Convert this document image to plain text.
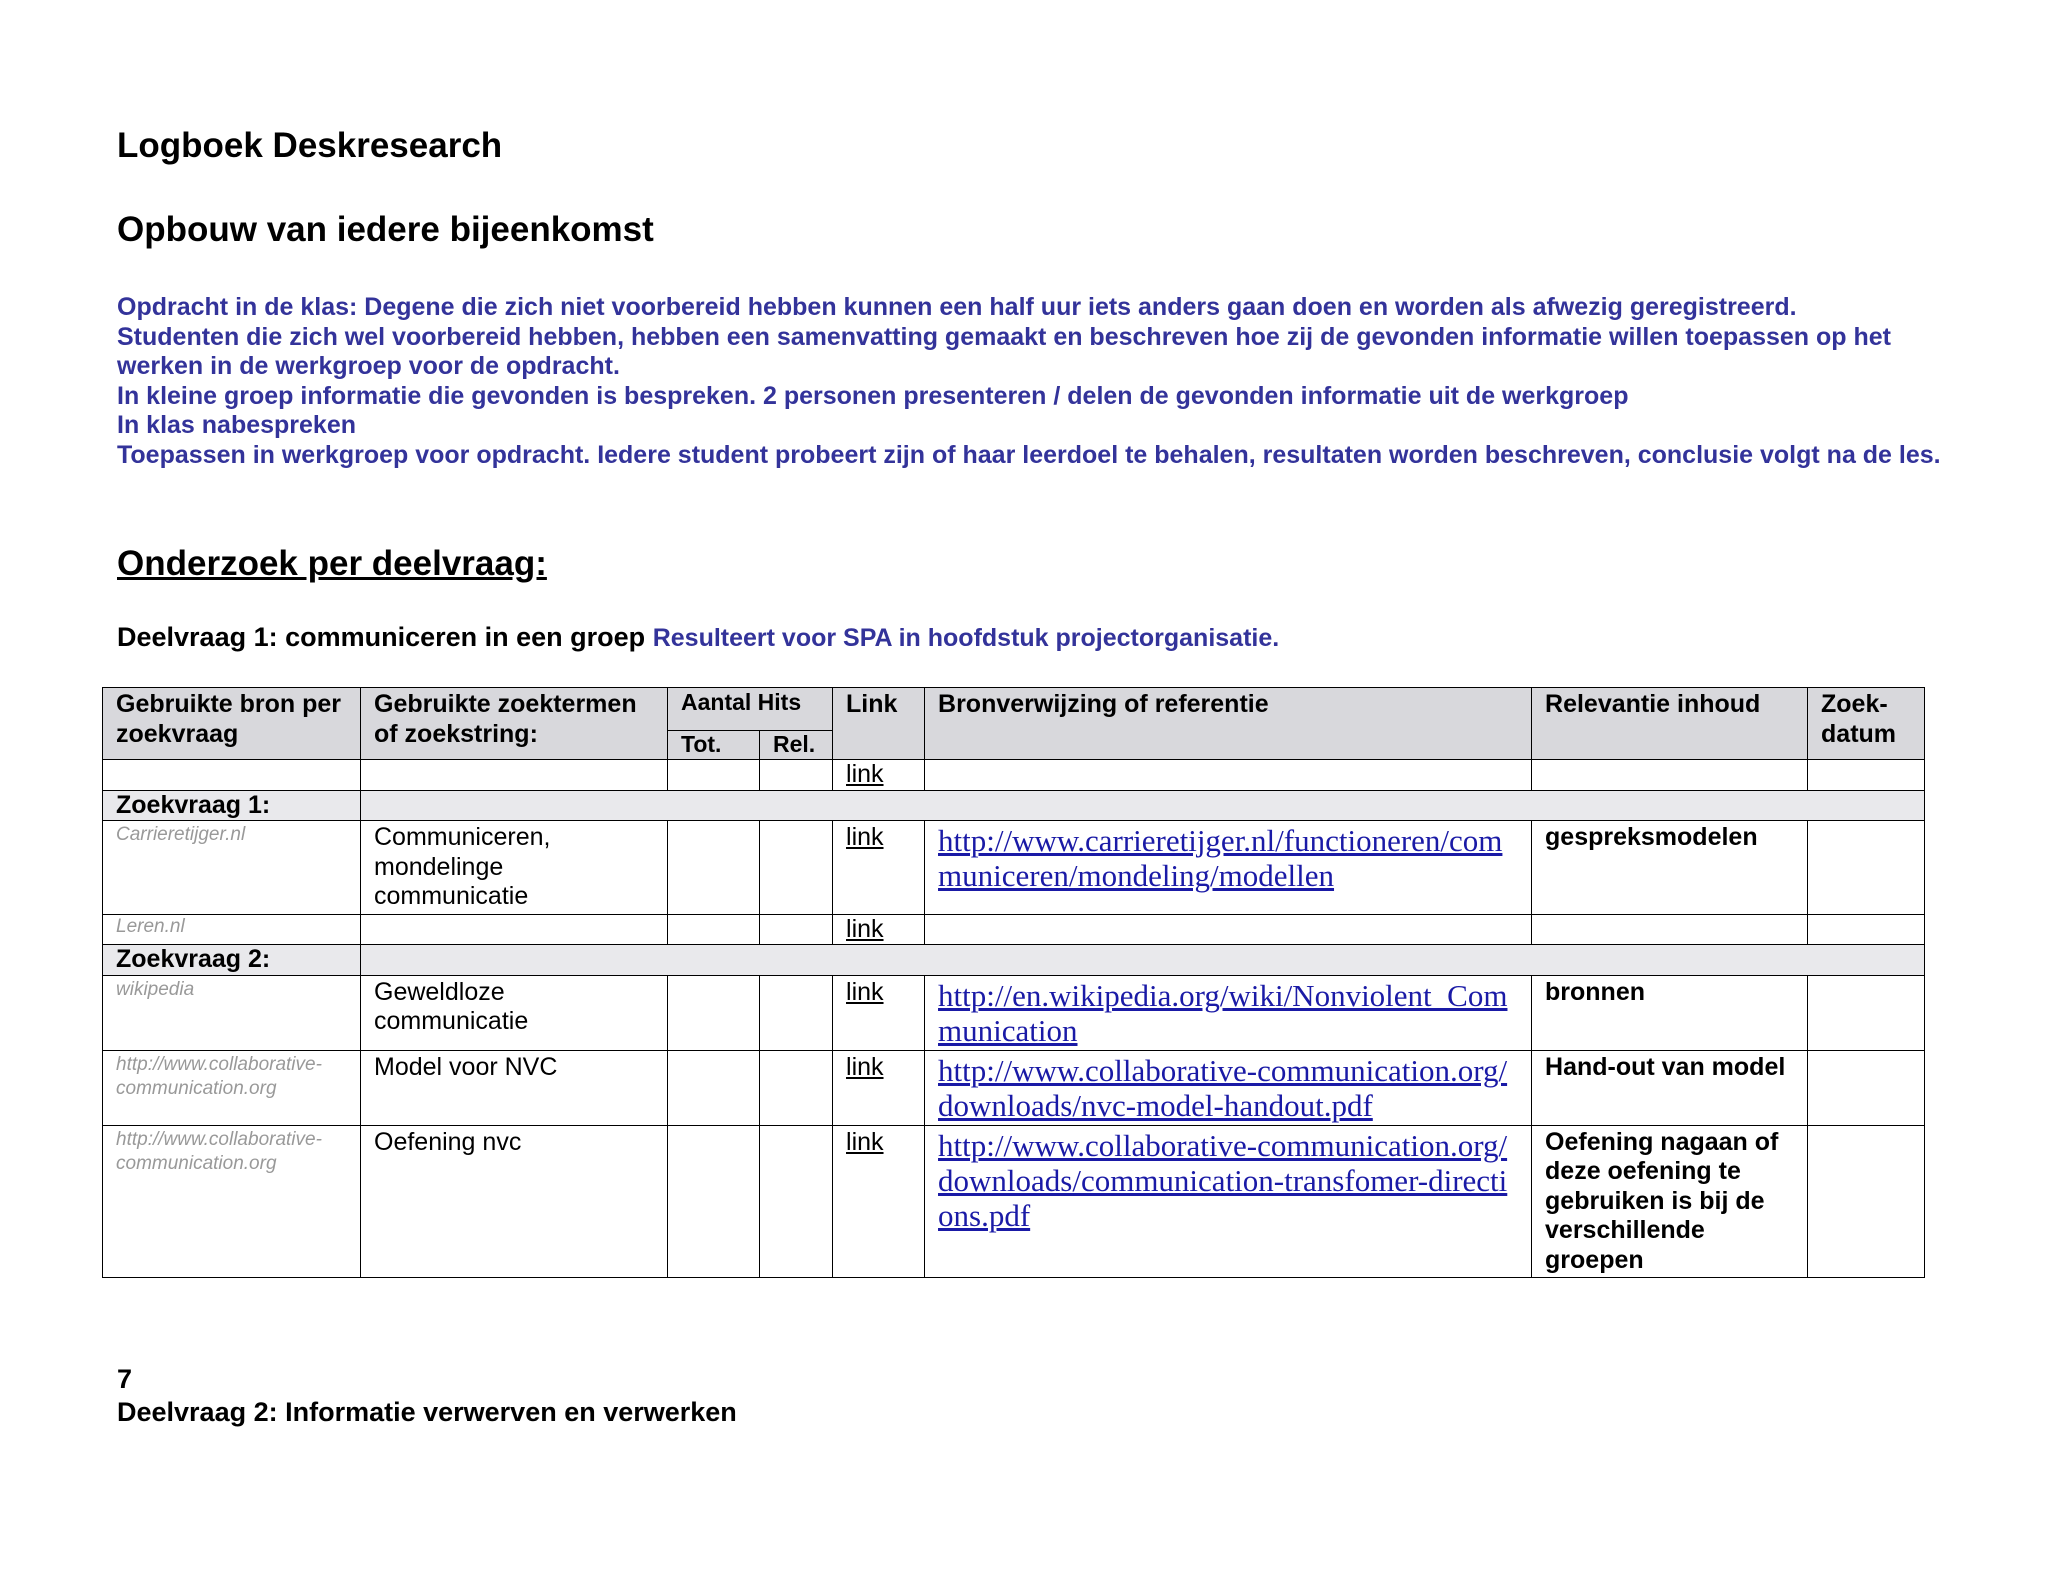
Logboek Deskresearch
Opbouw van iedere bijeenkomst

Opdracht in de klas: Degene die zich niet voorbereid hebben kunnen een half uur iets anders gaan doen en worden als afwezig geregistreerd.

Studenten die zich wel voorbereid hebben, hebben een samenvatting gemaakt en beschreven hoe zij de gevonden informatie willen toepassen op het werken in de werkgroep voor de opdracht.

In kleine groep informatie die gevonden is bespreken. 2 personen presenteren / delen de gevonden informatie uit de werkgroep

In klas nabespreken

Toepassen in werkgroep voor opdracht. Iedere student probeert zijn of haar leerdoel te behalen, resultaten worden beschreven, conclusie volgt na de les.

Onderzoek per deelvraag:

Deelvraag 1: communiceren in een groep Resulteert voor SPA in hoofdstuk projectorganisatie.

Gebruikte bron per zoekvraag	Gebruikte zoektermen of zoekstring:	Aantal Hits		Link	Bronverwijzing of referentie	Relevantie inhoud	Zoek-datum
		Tot.	Rel.				
				link			
Zoekvraag 1:							
Carrieretijger.nl	Communiceren, mondelinge communicatie			link	http://www.carrieretijger.nl/functioneren/communiceren/mondeling/modellen	gespreksmodelen	
Leren.nl				link			
Zoekvraag 2:							
wikipedia	Geweldloze communicatie			link	http://en.wikipedia.org/wiki/Nonviolent_Communication	bronnen	
http://www.collaborative-communication.org	Model voor NVC			link	http://www.collaborative-communication.org/downloads/nvc-model-handout.pdf	Hand-out van model	
http://www.collaborative-communication.org	Oefening nvc			link	http://www.collaborative-communication.org/downloads/communication-transfomer-directions.pdf	Oefening nagaan of deze oefening te gebruiken is bij de verschillende groepen	

7

Deelvraag 2: Informatie verwerven en verwerken
